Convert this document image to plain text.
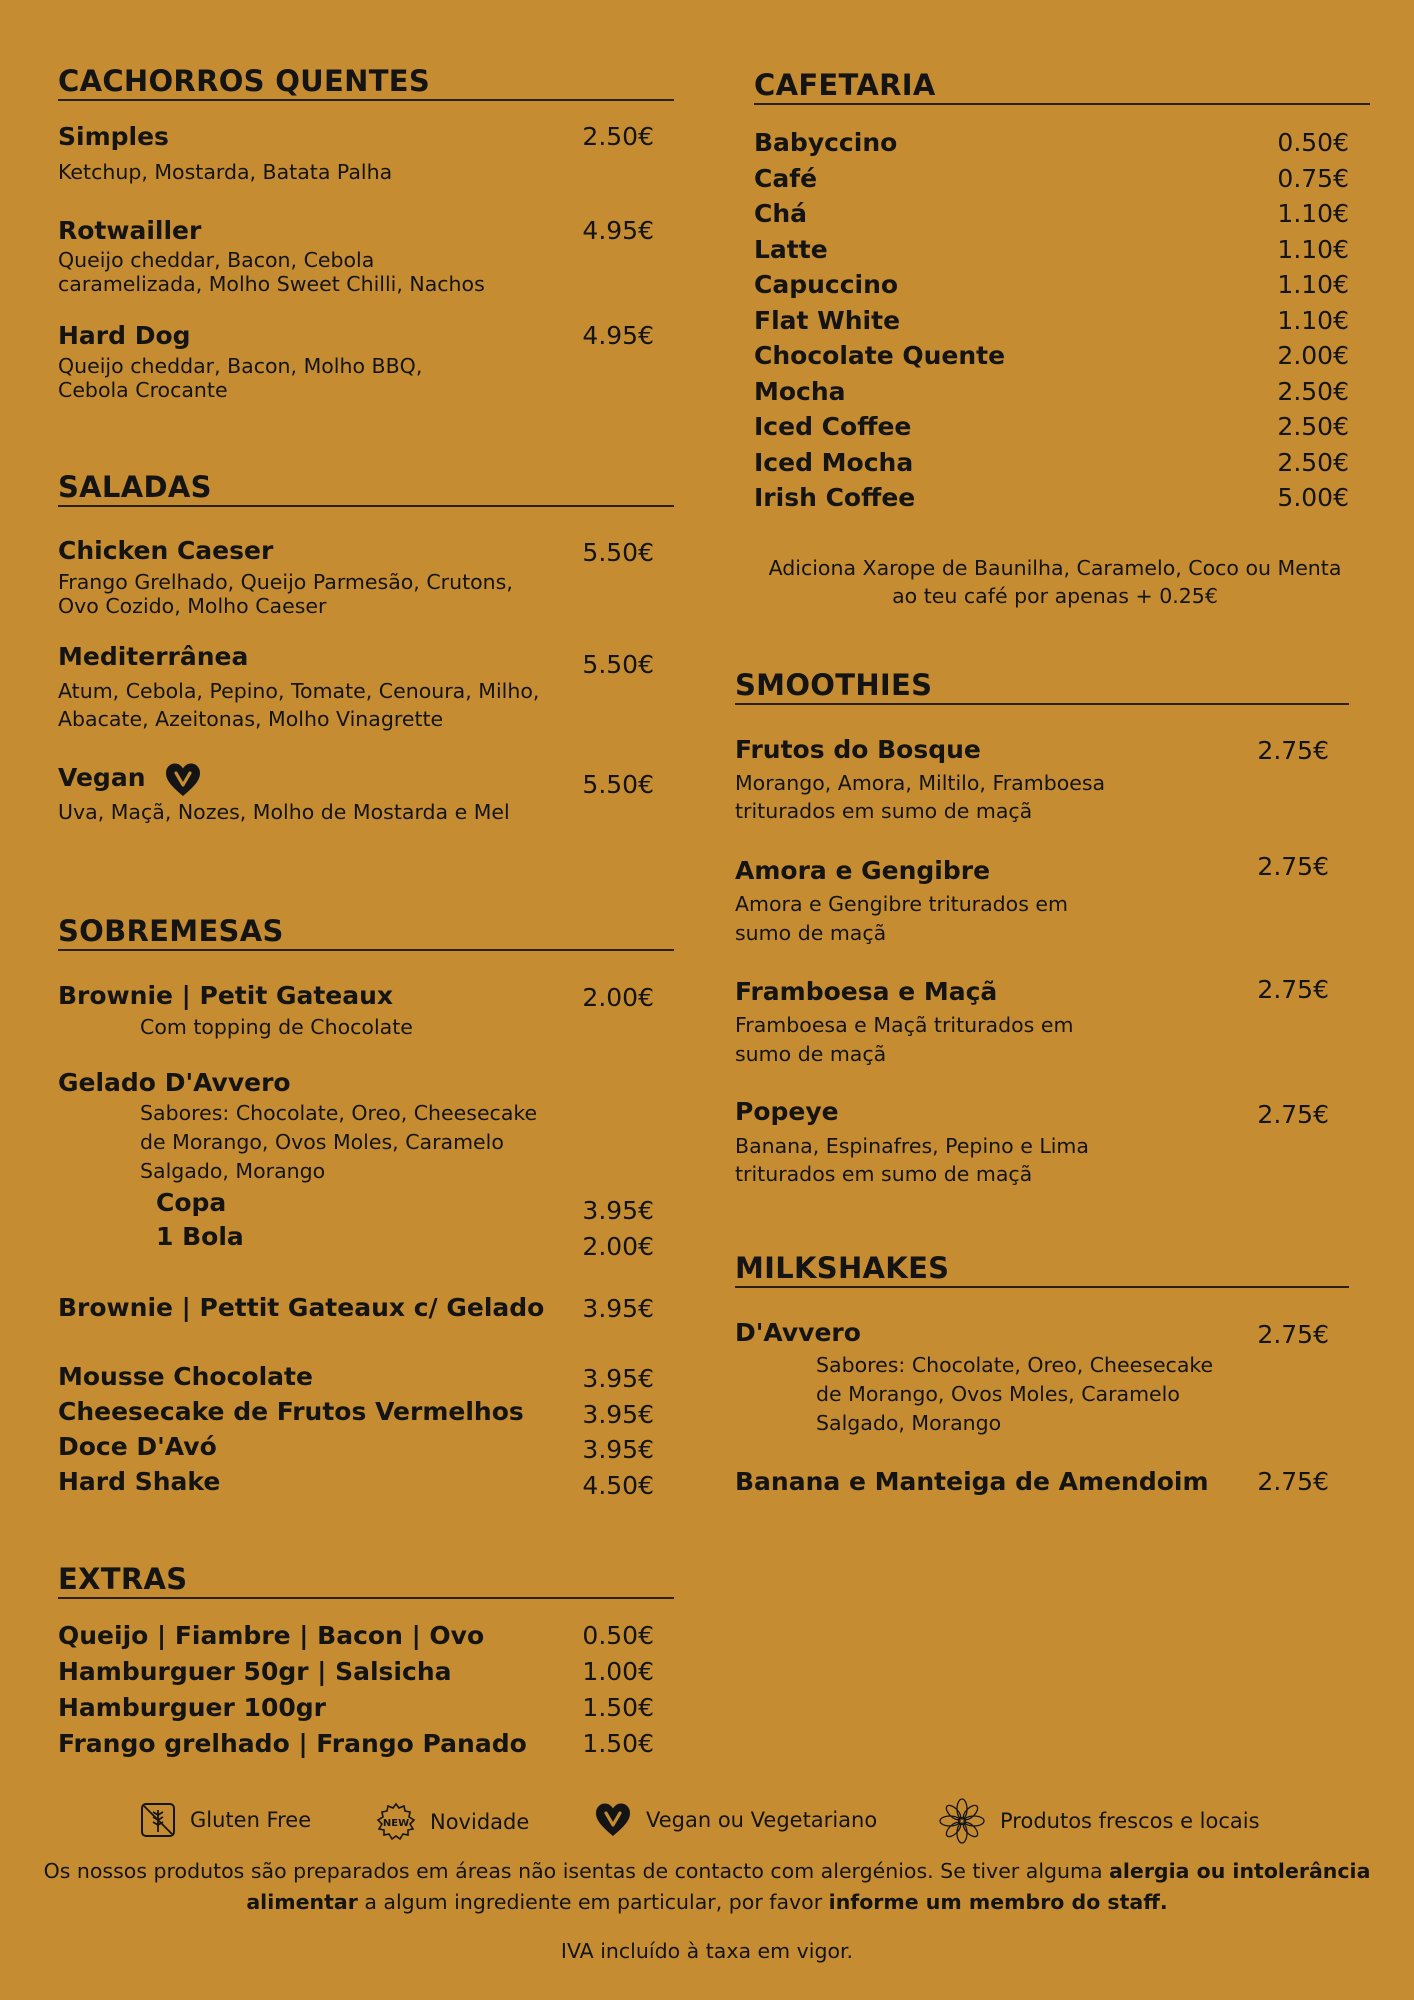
CACHORROS QUENTES
Simples	2.50€
Ketchup, Mostarda, Batata Palha
Rotwailler	4.95€
Queijo cheddar, Bacon, Cebola
caramelizada, Molho Sweet Chilli, Nachos
Hard Dog	4.95€
Queijo cheddar, Bacon, Molho BBQ,
Cebola Crocante
SALADAS
Chicken Caeser	5.50€
Frango Grelhado, Queijo Parmesão, Crutons,
Ovo Cozido, Molho Caeser
Mediterrânea	5.50€
Atum, Cebola, Pepino, Tomate, Cenoura, Milho,
Abacate, Azeitonas, Molho Vinagrette
Vegan	5.50€
Uva, Maçã, Nozes, Molho de Mostarda e Mel
SOBREMESAS
Brownie | Petit Gateaux	2.00€
Com topping de Chocolate
Gelado D'Avvero
Sabores: Chocolate, Oreo, Cheesecake
de Morango, Ovos Moles, Caramelo
Salgado, Morango
Copa	3.95€
1 Bola	2.00€
Brownie | Pettit Gateaux c/ Gelado	3.95€
Mousse Chocolate	3.95€
Cheesecake de Frutos Vermelhos	3.95€
Doce D'Avó	3.95€
Hard Shake	4.50€
EXTRAS
Queijo | Fiambre | Bacon | Ovo	0.50€
Hamburguer 50gr | Salsicha	1.00€
Hamburguer 100gr	1.50€
Frango grelhado | Frango Panado	1.50€
CAFETARIA
Babyccino	0.50€
Café	0.75€
Chá	1.10€
Latte	1.10€
Capuccino	1.10€
Flat White	1.10€
Chocolate Quente	2.00€
Mocha	2.50€
Iced Coffee	2.50€
Iced Mocha	2.50€
Irish Coffee	5.00€
Adiciona Xarope de Baunilha, Caramelo, Coco ou Menta
ao teu café por apenas + 0.25€
SMOOTHIES
Frutos do Bosque	2.75€
Morango, Amora, Miltilo, Framboesa
triturados em sumo de maçã
Amora e Gengibre	2.75€
Amora e Gengibre triturados em
sumo de maçã
Framboesa e Maçã	2.75€
Framboesa e Maçã triturados em
sumo de maçã
Popeye	2.75€
Banana, Espinafres, Pepino e Lima
triturados em sumo de maçã
MILKSHAKES
D'Avvero	2.75€
Sabores: Chocolate, Oreo, Cheesecake
de Morango, Ovos Moles, Caramelo
Salgado, Morango
Banana e Manteiga de Amendoim	2.75€
Gluten Free	NEW Novidade	Vegan ou Vegetariano	Produtos frescos e locais
Os nossos produtos são preparados em áreas não isentas de contacto com alergénios. Se tiver alguma alergia ou intolerância
alimentar a algum ingrediente em particular, por favor informe um membro do staff.
IVA incluído à taxa em vigor.
